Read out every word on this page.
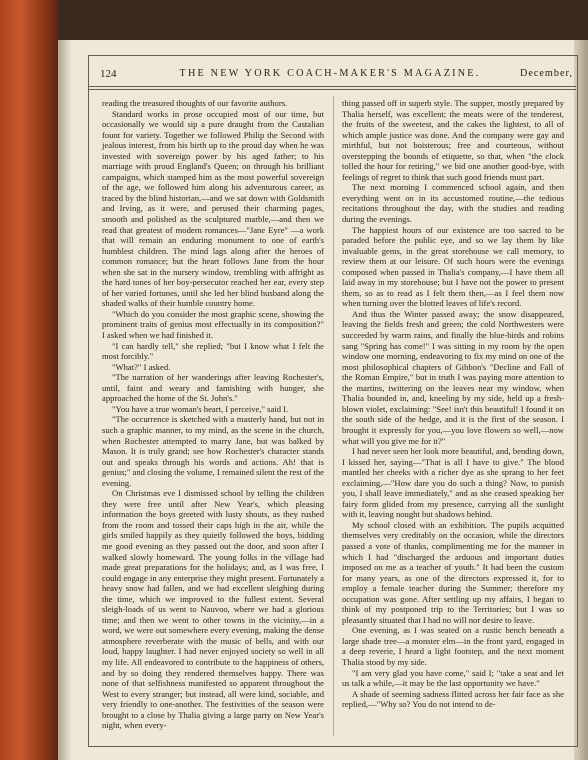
124	THE NEW YORK COACH-MAKER'S MAGAZINE.	December,

reading the treasured thoughts of our favorite authors.

Standard works in prose occupied most of our time, but occasionally we would sip a pure draught from the Castalian fount for variety. Together we followed Philip the Second with jealous interest, from his birth up to the proud day when he was invested with sovereign power by his aged father; to his marriage with proud England's Queen; on through his brilliant campaigns, which stamped him as the most powerful sovereign of the age, we followed him along his adventurous career, as traced by the blind historian,—and we sat down with Goldsmith and Irving, as it were, and perused their charming pages, smooth and polished as the sculptured marble,—and then we read that greatest of modern romances—"Jane Eyre" —a work that will remain an enduring monument to one of earth's humblest children. The mind lags along after the heroes of common romance; but the heart follows Jane from the hour when she sat in the nursery window, trembling with affright as the hard tones of her boy-persecutor reached her ear, every step of her varied fortunes, until she led her blind husband along the shaded walks of their humble country home.

"Which do you consider the most graphic scene, showing the prominent traits of genius most effectually in its composition?" I asked when we had finished it.

"I can hardly tell," she replied; "but I know what I felt the most forcibly."

"What?" I asked.

"The narration of her wanderings after leaving Rochester's, until, faint and weary and famishing with hunger, she approached the home of the St. John's."

"You have a true woman's heart, I perceive," said I.

"The occurrence is sketched with a masterly hand, but not in such a graphic manner, to my mind, as the scene in the church, when Rochester attempted to marry Jane, but was balked by Mason. It is truly grand; see how Rochester's character stands out and speaks through his words and actions. Ah! that is genius;" and closing the volume, I remained silent the rest of the evening.

On Christmas eve I dismissed school by telling the children they were free until after New Year's, which pleasing information the boys greeted with lusty shouts, as they rushed from the room and tossed their caps high in the air, while the girls smiled happily as they quietly followed the boys, bidding me good evening as they passed out the door, and soon after I walked slowly homeward. The young folks in the village had made great preparations for the holidays; and, as I was free, I could engage in any enterprise they might present. Fortunately a heavy snow had fallen, and we had excellent sleighing during the time, which we improved to the fullest extent. Several sleigh-loads of us went to Nauvoo, where we had a glorious time; and then we went to other towns in the vicinity,—in a word, we were out somewhere every evening, making the dense atmosphere reverberate with the music of bells, and with our loud, happy laughter. I had never enjoyed society so well in all my life. All endeavored to contribute to the happiness of others, and by so doing they rendered themselves happy. There was none of that selfishness manifested so apparent throughout the West to every stranger; but instead, all were kind, sociable, and very friendly to one-another. The festivities of the season were brought to a close by Thalia giving a large party on New Year's night, when every-

thing passed off in superb style. The supper, mostly prepared by Thalia herself, was excellent; the meats were of the tenderest, the fruits of the sweetest, and the cakes the lightest, to all of which ample justice was done. And the company were gay and mirthful, but not boisterous; free and courteous, without overstepping the bounds of etiquette, so that, when "the clock tolled the hour for retiring," we bid one another good-bye, with feelings of regret to think that such good friends must part.

The next morning I commenced school again, and then everything went on in its accustomed routine,—the tedious recitations throughout the day, with the studies and reading during the evenings.

The happiest hours of our existence are too sacred to be paraded before the public eye, and so we lay them by like invaluable gems, in the great storehouse we call memory, to review them at our leisure. Of such hours were the evenings composed when passed in Thalia's company,—I have them all laid away in my storehouse; but I have not the power to present them, so as to read as I felt them then,—as I feel them now when turning over the blotted leaves of life's record.

And thus the Winter passed away; the snow disappeared, leaving the fields fresh and green; the cold Northwesters were succeeded by warm rains, and finally the blue-birds and robins sang "Spring has come!" I was sitting in my room by the open window one morning, endeavoring to fix my mind on one of the most philosophical chapters of Gibbon's "Decline and Fall of the Roman Empire," but in truth I was paying more attention to the martins, twittering on the leaves near my window, when Thalia bounded in, and, kneeling by my side, held up a fresh-blown violet, exclaiming: "See! isn't this beautiful! I found it on the south side of the hedge, and it is the first of the season. I brought it expressly for you,—you love flowers so well,—now what will you give me for it?"

I had never seen her look more beautiful, and, bending down, I kissed her, saying—"That is all I have to give." The blood mantled her cheeks with a richer dye as she sprang to her feet exclaiming,—"How dare you do such a thing? Now, to punish you, I shall leave immediately," and as she ceased speaking her fairy form glided from my presence, carrying all the sunlight with it, leaving nought but shadows behind.

My school closed with an exhibition. The pupils acquitted themselves very creditably on the occasion, while the directors passed a vote of thanks, complimenting me for the manner in which I had "discharged the arduous and important duties imposed on me as a teacher of youth." It had been the custom for many years, as one of the directors expressed it, for to employ a female teacher during the Summer; therefore my occupation was gone. After settling up my affairs, I began to think of my postponed trip to the Territories; but I was so pleasantly situated that I had no will nor desire to leave.

One evening, as I was seated on a rustic bench beneath a large shade tree—a monster elm—in the front yard, engaged in a deep reverie, I heard a light footstep, and the next moment Thalia stood by my side.

"I am very glad you have come," said I; "take a seat and let us talk a while,—it may be the last opportunity we have."

A shade of seeming sadness flitted across her fair face as she replied,—"Why so? You do not intend to de-
